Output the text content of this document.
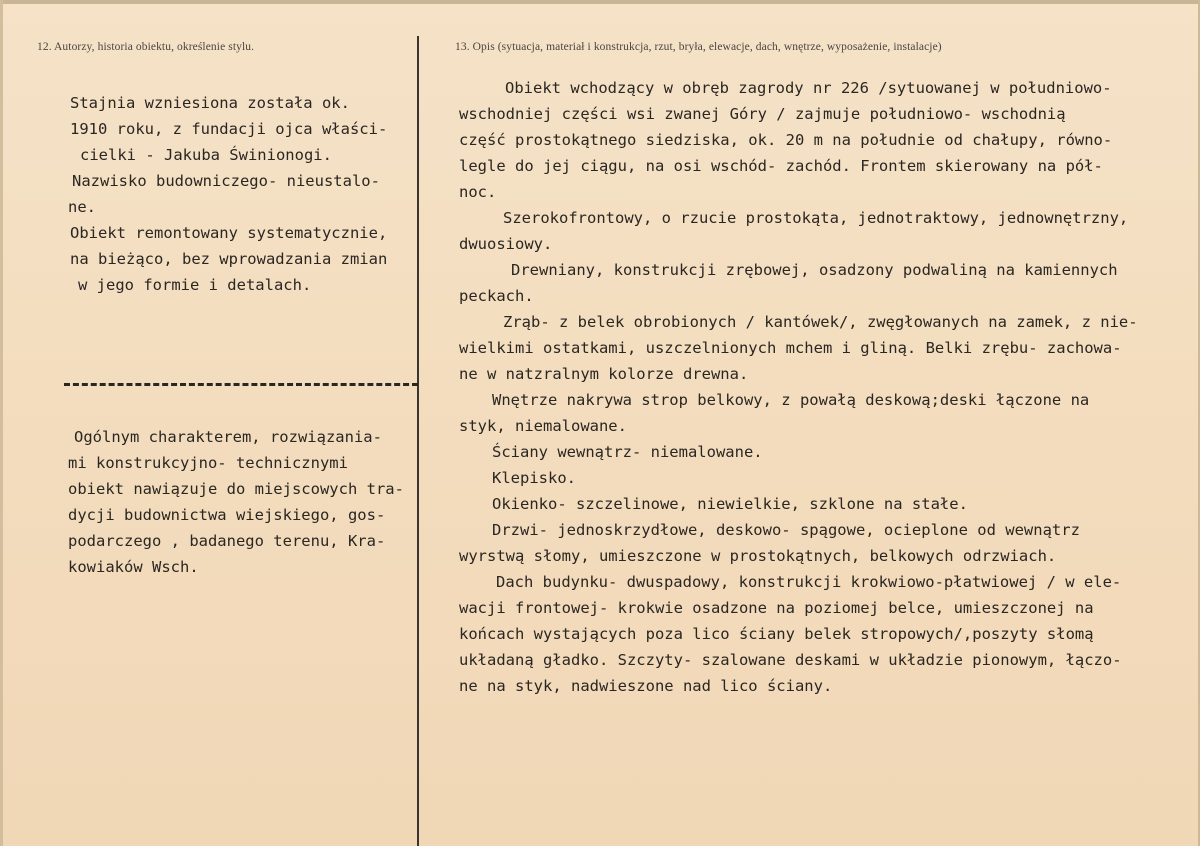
12. Autorzy, historia obiektu, określenie stylu.	13. Opis (sytuacja, materiał i konstrukcja, rzut, bryła, elewacje, dach, wnętrze, wyposażenie, instalacje)
Stajnia wzniesiona została ok.
1910 roku, z fundacji ojca właści-
cielki - Jakuba Świnionogi.
Nazwisko budowniczego- nieustalo-
ne.
Obiekt remontowany systematycznie,
na bieżąco, bez wprowadzania zmian
w jego formie i detalach.
Ogólnym charakterem, rozwiązania-
mi konstrukcyjno- technicznymi
obiekt nawiązuje do miejscowych tra-
dycji budownictwa wiejskiego, gos-
podarczego , badanego terenu, Kra-
kowiaków Wsch.
Obiekt wchodzący w obręb zagrody nr 226 /sytuowanej w południowo-
wschodniej części wsi zwanej Góry / zajmuje południowo- wschodnią
część prostokątnego siedziska, ok. 20 m na południe od chałupy, równo-
legle do jej ciągu, na osi wschód- zachód. Frontem skierowany na pół-
noc.
Szerokofrontowy, o rzucie prostokąta, jednotraktowy, jednownętrzny,
dwuosiowy.
Drewniany, konstrukcji zrębowej, osadzony podwaliną na kamiennych
peckach.
Zrąb- z belek obrobionych / kantówek/, zwęgłowanych na zamek, z nie-
wielkimi ostatkami, uszczelnionych mchem i gliną. Belki zrębu- zachowa-
ne w natzralnym kolorze drewna.
Wnętrze nakrywa strop belkowy, z powałą deskową;deski łączone na
styk, niemalowane.
Ściany wewnątrz- niemalowane.
Klepisko.
Okienko- szczelinowe, niewielkie, szklone na stałe.
Drzwi- jednoskrzydłowe, deskowo- spągowe, ocieplone od wewnątrz
wyrstwą słomy, umieszczone w prostokątnych, belkowych odrzwiach.
Dach budynku- dwuspadowy, konstrukcji krokwiowo-płatwiowej / w ele-
wacji frontowej- krokwie osadzone na poziomej belce, umieszczonej na
końcach wystających poza lico ściany belek stropowych/,poszyty słomą
układaną gładko. Szczyty- szalowane deskami w układzie pionowym, łączo-
ne na styk, nadwieszone nad lico ściany.
